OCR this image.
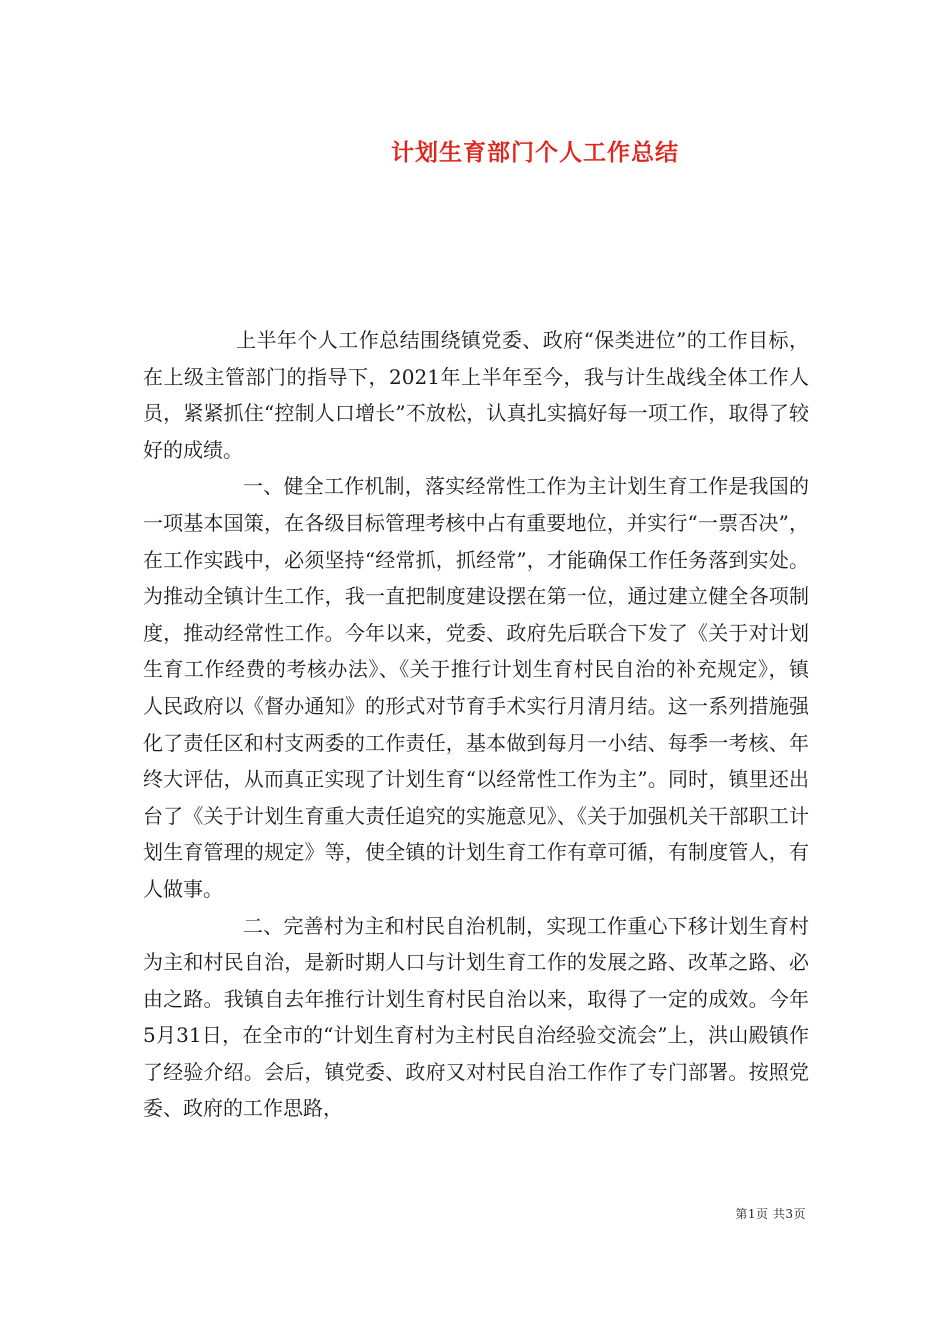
计划生育部门个人工作总结

上半年个人工作总结围绕镇党委、政府“保类进位”的工作目标，在上级主管部门的指导下，2021年上半年至今，我与计生战线全体工作人员，紧紧抓住“控制人口增长”不放松，认真扎实搞好每一项工作，取得了较好的成绩。

一、健全工作机制，落实经常性工作为主计划生育工作是我国的一项基本国策，在各级目标管理考核中占有重要地位，并实行“一票否决”，在工作实践中，必须坚持“经常抓，抓经常”，才能确保工作任务落到实处。为推动全镇计生工作，我一直把制度建设摆在第一位，通过建立健全各项制度，推动经常性工作。今年以来，党委、政府先后联合下发了《关于对计划生育工作经费的考核办法》、《关于推行计划生育村民自治的补充规定》，镇人民政府以《督办通知》的形式对节育手术实行月清月结。这一系列措施强化了责任区和村支两委的工作责任，基本做到每月一小结、每季一考核、年终大评估，从而真正实现了计划生育“以经常性工作为主”。同时，镇里还出台了《关于计划生育重大责任追究的实施意见》、《关于加强机关干部职工计划生育管理的规定》等，使全镇的计划生育工作有章可循，有制度管人，有人做事。

二、完善村为主和村民自治机制，实现工作重心下移计划生育村为主和村民自治，是新时期人口与计划生育工作的发展之路、改革之路、必由之路。我镇自去年推行计划生育村民自治以来，取得了一定的成效。今年5月31日，在全市的“计划生育村为主村民自治经验交流会”上，洪山殿镇作了经验介绍。会后，镇党委、政府又对村民自治工作作了专门部署。按照党委、政府的工作思路，

第1页 共3页
